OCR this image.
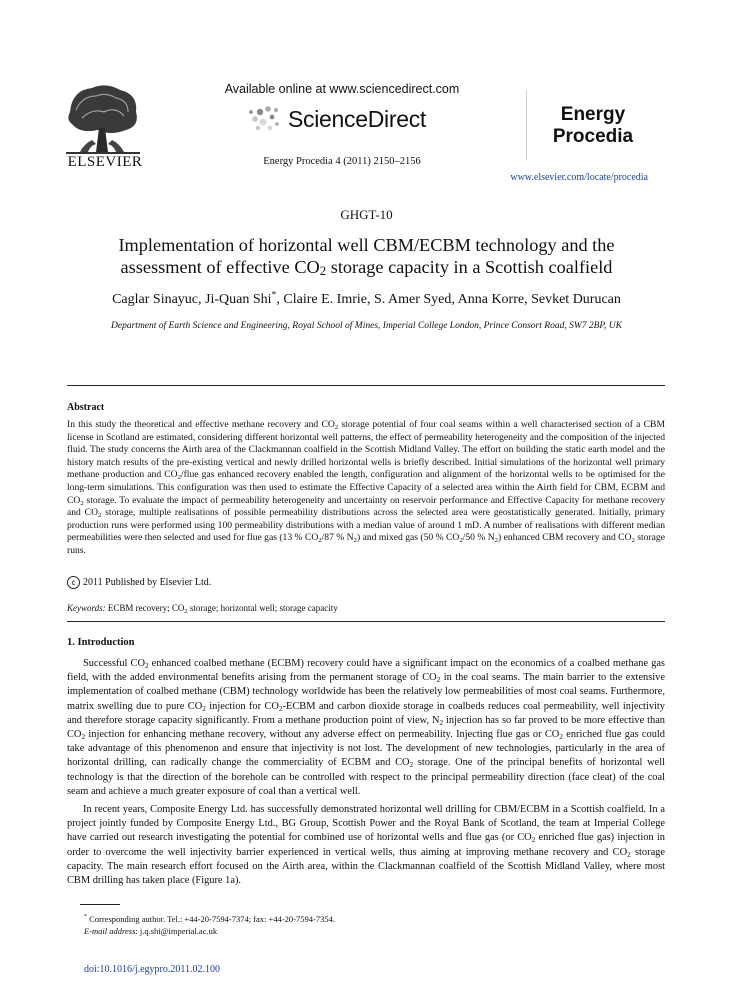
ELSEVIER
Available online at www.sciencedirect.com
ScienceDirect
Energy Procedia 4 (2011) 2150–2156
Energy
Procedia
www.elsevier.com/locate/procedia
GHGT-10
Implementation of horizontal well CBM/ECBM technology and the
assessment of effective $CO_2$ storage capacity in a Scottish coalfield
Caglar Sinayuc, Ji-Quan Shi*, Claire E. Imrie, S. Amer Syed, Anna Korre, Sevket Durucan
Department of Earth Science and Engineering, Royal School of Mines, Imperial College London, Prince Consort Road, SW7 2BP, UK
Abstract
In this study the theoretical and effective methane recovery and $CO_2$ storage potential of four coal seams within a well characterised section of a CBM license in Scotland are estimated, considering different horizontal well patterns, the effect of permeability heterogeneity and the composition of the injected fluid. The study concerns the Airth area of the Clackmannan coalfield in the Scottish Midland Valley. The effort on building the static earth model and the history match results of the pre-existing vertical and newly drilled horizontal wells is briefly described. Initial simulations of the horizontal well primary methane production and $CO_2$/flue gas enhanced recovery enabled the length, configuration and alignment of the horizontal wells to be optimised for the long-term simulations. This configuration was then used to estimate the Effective Capacity of a selected area within the Airth field for CBM, ECBM and $CO_2$ storage. To evaluate the impact of permeability heterogeneity and uncertainty on reservoir performance and Effective Capacity for methane recovery and $CO_2$ storage, multiple realisations of possible permeability distributions across the selected area were geostatistically generated. Initially, primary production runs were performed using 100 permeability distributions with a median value of around 1 mD. A number of realisations with different median permeabilities were then selected and used for flue gas (13 % $CO_2/87$ % $N_2$) and mixed gas (50 % $CO_2/50$ % $N_2$) enhanced CBM recovery and $CO_2$ storage runs.
c 2011 Published by Elsevier Ltd.
Keywords: ECBM recovery; $CO_2$ storage; horizontal well; storage capacity
1. Introduction
Successful $CO_2$ enhanced coalbed methane (ECBM) recovery could have a significant impact on the economics of a coalbed methane gas field, with the added environmental benefits arising from the permanent storage of $CO_2$ in the coal seams. The main barrier to the extensive implementation of coalbed methane (CBM) technology worldwide has been the relatively low permeabilities of most coal seams. Furthermore, matrix swelling due to pure $CO_2$ injection for $CO_2$-ECBM and carbon dioxide storage in coalbeds reduces coal permeability, well injectivity and therefore storage capacity significantly. From a methane production point of view, $N_2$ injection has so far proved to be more effective than $CO_2$ injection for enhancing methane recovery, without any adverse effect on permeability. Injecting flue gas or $CO_2$ enriched flue gas could take advantage of this phenomenon and ensure that injectivity is not lost. The development of new technologies, particularly in the area of horizontal drilling, can radically change the commerciality of ECBM and $CO_2$ storage. One of the principal benefits of horizontal well technology is that the direction of the borehole can be controlled with respect to the principal permeability direction (face cleat) of the coal seam and achieve a much greater exposure of coal than a vertical well.
In recent years, Composite Energy Ltd. has successfully demonstrated horizontal well drilling for CBM/ECBM in a Scottish coalfield. In a project jointly funded by Composite Energy Ltd., BG Group, Scottish Power and the Royal Bank of Scotland, the team at Imperial College have carried out research investigating the potential for combined use of horizontal wells and flue gas (or $CO_2$ enriched flue gas) injection in order to overcome the well injectivity barrier experienced in vertical wells, thus aiming at improving methane recovery and $CO_2$ storage capacity. The main research effort focused on the Airth area, within the Clackmannan coalfield of the Scottish Midland Valley, where most CBM drilling has taken place (Figure 1a).
* Corresponding author. Tel.: +44-20-7594-7374; fax: +44-20-7594-7354.
E-mail address: j.q.shi@imperial.ac.uk
doi:10.1016/j.egypro.2011.02.100
